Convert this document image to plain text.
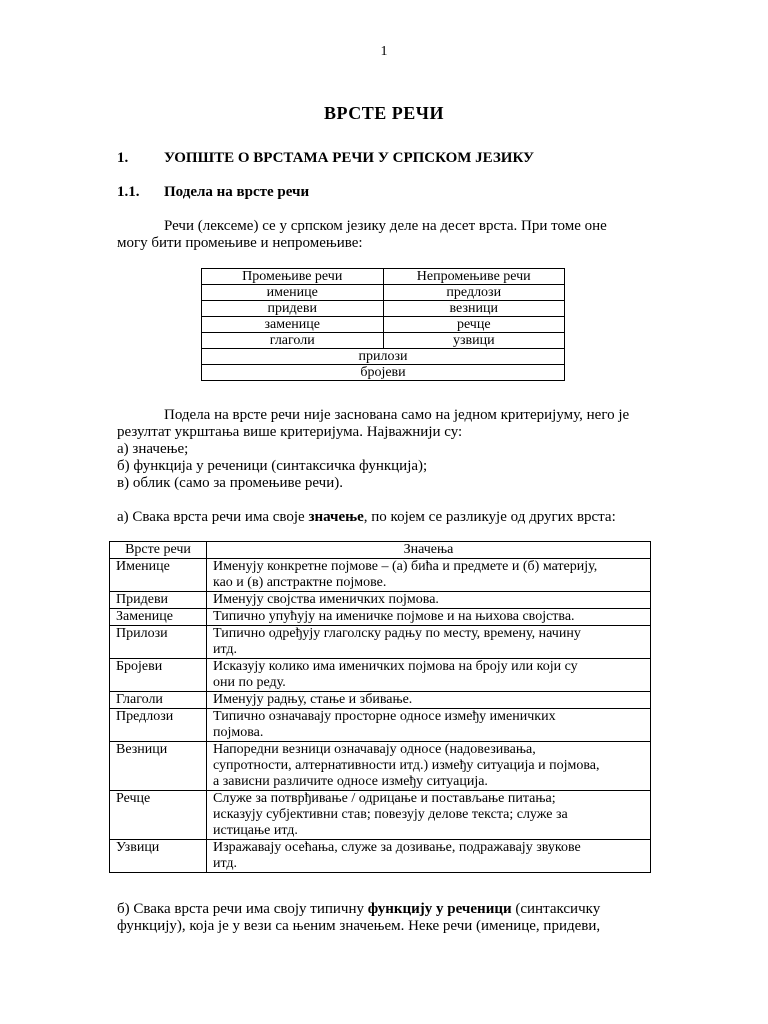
1
ВРСТЕ РЕЧИ
1. УОПШТЕ О ВРСТАМА РЕЧИ У СРПСКОМ ЈЕЗИКУ
1.1. Подела на врсте речи
Речи (лексеме) се у српском језику деле на десет врста. При томе оне
могу бити промењиве и непромењиве:
Промењиве речи	Непромењиве речи
именице	предлози
придеви	везници
заменице	речце
глаголи	узвици
прилози	
бројеви	
Подела на врсте речи није заснована само на једном критеријуму, него је
резултат укрштања више критеријума. Најважнији су:
а) значење;
б) функција у реченици (синтаксичка функција);
в) облик (само за промењиве речи).
а) Свака врста речи има своје значење, по којем се разликује од других врста:
Врсте речи	Значења
Именице	Именују конкретне појмове – (а) бића и предмете и (б) материју,
као и (в) апстрактне појмове.

Придеви	Именују својства именичких појмова.

Заменице	Типично упућују на именичке појмове и на њихова својства.

Прилози	Типично одређују глаголску радњу по месту, времену, начину
итд.

Бројеви	Исказују колико има именичких појмова на броју или који су
они по реду.

Глаголи	Именују радњу, стање и збивање.

Предлози	Типично означавају просторне односе између именичких
појмова.

Везници	Напоредни везници означавају односе (надовезивања,
супротности, алтернативности итд.) између ситуација и појмова,
а зависни различите односе између ситуација.

Речце	Служе за потврђивање / одрицање и постављање питања;
исказују субјективни став; повезују делове текста; служе за
истицање итд.

Узвици	Изражавају осећања, служе за дозивање, подражавају звукове
итд.
б) Свака врста речи има своју типичну функцију у реченици (синтаксичку
функцију), која је у вези са њеним значењем. Неке речи (именице, придеви,
